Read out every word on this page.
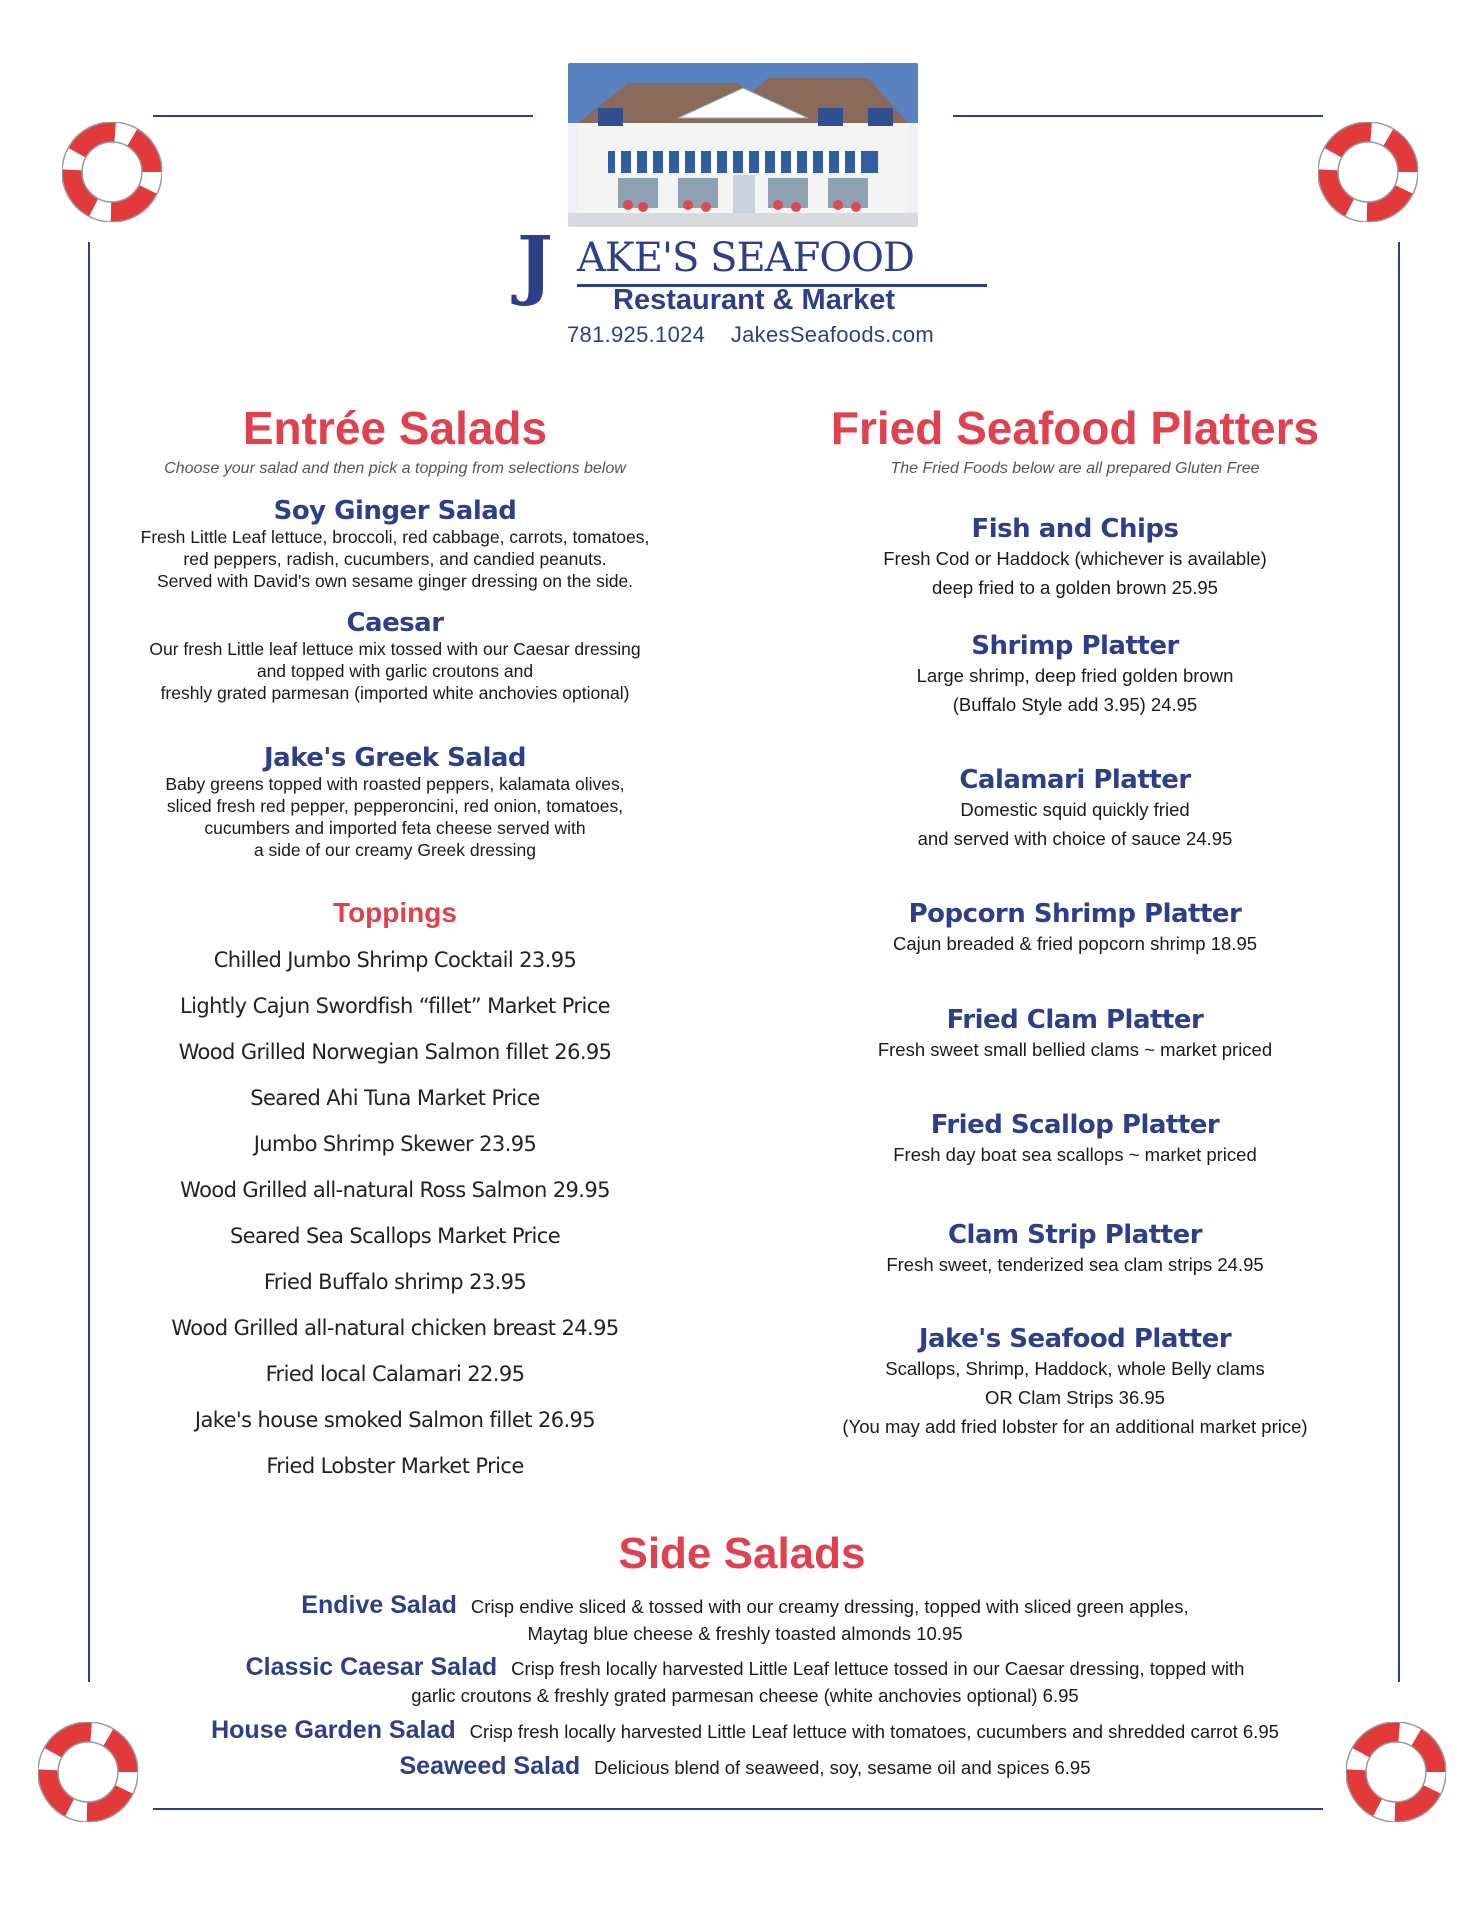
J AKE'S SEAFOOD
Restaurant & Market
781.925.1024 JakesSeafoods.com
Entrée Salads
Choose your salad and then pick a topping from selections below
Soy Ginger Salad
Fresh Little Leaf lettuce, broccoli, red cabbage, carrots, tomatoes,
red peppers, radish, cucumbers, and candied peanuts.
Served with David's own sesame ginger dressing on the side.
Caesar
Our fresh Little leaf lettuce mix tossed with our Caesar dressing
and topped with garlic croutons and
freshly grated parmesan (imported white anchovies optional)
Jake's Greek Salad
Baby greens topped with roasted peppers, kalamata olives,
sliced fresh red pepper, pepperoncini, red onion, tomatoes,
cucumbers and imported feta cheese served with
a side of our creamy Greek dressing
Toppings
Chilled Jumbo Shrimp Cocktail 23.95
Lightly Cajun Swordfish “fillet” Market Price
Wood Grilled Norwegian Salmon fillet 26.95
Seared Ahi Tuna Market Price
Jumbo Shrimp Skewer 23.95
Wood Grilled all-natural Ross Salmon 29.95
Seared Sea Scallops Market Price
Fried Buffalo shrimp 23.95
Wood Grilled all-natural chicken breast 24.95
Fried local Calamari 22.95
Jake's house smoked Salmon fillet 26.95
Fried Lobster Market Price
Fried Seafood Platters
The Fried Foods below are all prepared Gluten Free
Fish and Chips
Fresh Cod or Haddock (whichever is available)
deep fried to a golden brown 25.95
Shrimp Platter
Large shrimp, deep fried golden brown
(Buffalo Style add 3.95) 24.95
Calamari Platter
Domestic squid quickly fried
and served with choice of sauce 24.95
Popcorn Shrimp Platter
Cajun breaded & fried popcorn shrimp 18.95
Fried Clam Platter
Fresh sweet small bellied clams ~ market priced
Fried Scallop Platter
Fresh day boat sea scallops ~ market priced
Clam Strip Platter
Fresh sweet, tenderized sea clam strips 24.95
Jake's Seafood Platter
Scallops, Shrimp, Haddock, whole Belly clams
OR Clam Strips 36.95
(You may add fried lobster for an additional market price)
Side Salads
Endive Salad Crisp endive sliced & tossed with our creamy dressing, topped with sliced green apples,
Maytag blue cheese & freshly toasted almonds 10.95
Classic Caesar Salad Crisp fresh locally harvested Little Leaf lettuce tossed in our Caesar dressing, topped with
garlic croutons & freshly grated parmesan cheese (white anchovies optional) 6.95
House Garden Salad Crisp fresh locally harvested Little Leaf lettuce with tomatoes, cucumbers and shredded carrot 6.95
Seaweed Salad Delicious blend of seaweed, soy, sesame oil and spices 6.95
